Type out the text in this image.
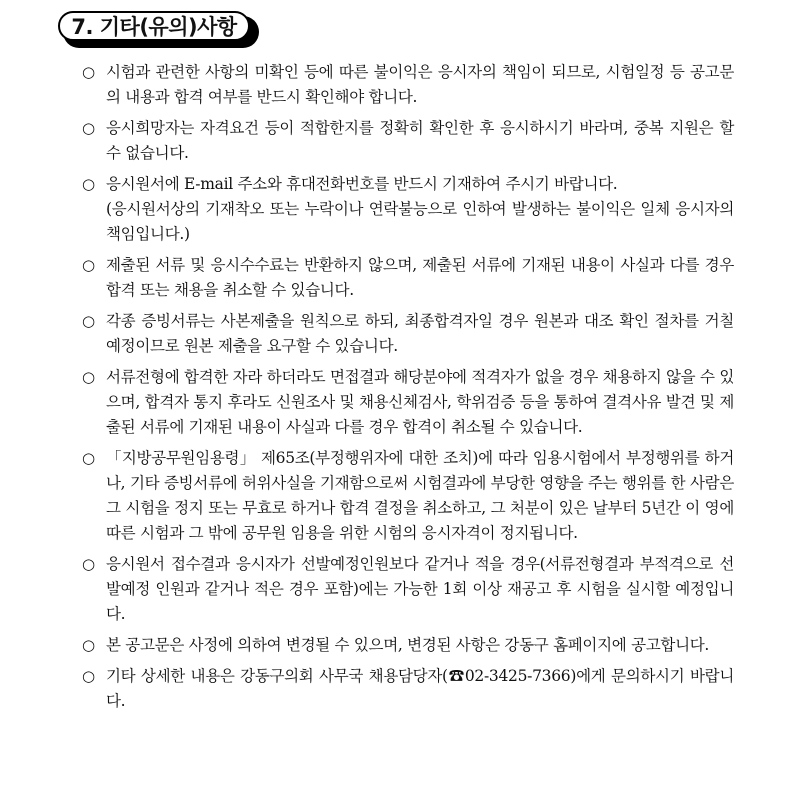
7. 기타(유의)사항
○ 시험과 관련한 사항의 미확인 등에 따른 불이익은 응시자의 책임이 되므로, 시험일정 등 공고문의 내용과 합격 여부를 반드시 확인해야 합니다.
○ 응시희망자는 자격요건 등이 적합한지를 정확히 확인한 후 응시하시기 바라며, 중복 지원은 할 수 없습니다.
○ 응시원서에 E-mail 주소와 휴대전화번호를 반드시 기재하여 주시기 바랍니다.
(응시원서상의 기재착오 또는 누락이나 연락불능으로 인하여 발생하는 불이익은 일체 응시자의 책임입니다.)
○ 제출된 서류 및 응시수수료는 반환하지 않으며, 제출된 서류에 기재된 내용이 사실과 다를 경우 합격 또는 채용을 취소할 수 있습니다.
○ 각종 증빙서류는 사본제출을 원칙으로 하되, 최종합격자일 경우 원본과 대조 확인 절차를 거칠 예정이므로 원본 제출을 요구할 수 있습니다.
○ 서류전형에 합격한 자라 하더라도 면접결과 해당분야에 적격자가 없을 경우 채용하지 않을 수 있으며, 합격자 통지 후라도 신원조사 및 채용신체검사, 학위검증 등을 통하여 결격사유 발견 및 제출된 서류에 기재된 내용이 사실과 다를 경우 합격이 취소될 수 있습니다.
○ 「지방공무원임용령」 제65조(부정행위자에 대한 조치)에 따라 임용시험에서 부정행위를 하거나, 기타 증빙서류에 허위사실을 기재함으로써 시험결과에 부당한 영향을 주는 행위를 한 사람은 그 시험을 정지 또는 무효로 하거나 합격 결정을 취소하고, 그 처분이 있은 날부터 5년간 이 영에 따른 시험과 그 밖에 공무원 임용을 위한 시험의 응시자격이 정지됩니다.
○ 응시원서 접수결과 응시자가 선발예정인원보다 같거나 적을 경우(서류전형결과 부적격으로 선발예정 인원과 같거나 적은 경우 포함)에는 가능한 1회 이상 재공고 후 시험을 실시할 예정입니다.
○ 본 공고문은 사정에 의하여 변경될 수 있으며, 변경된 사항은 강동구 홈페이지에 공고합니다.
○ 기타 상세한 내용은 강동구의회 사무국 채용담당자(☎02-3425-7366)에게 문의하시기 바랍니다.
